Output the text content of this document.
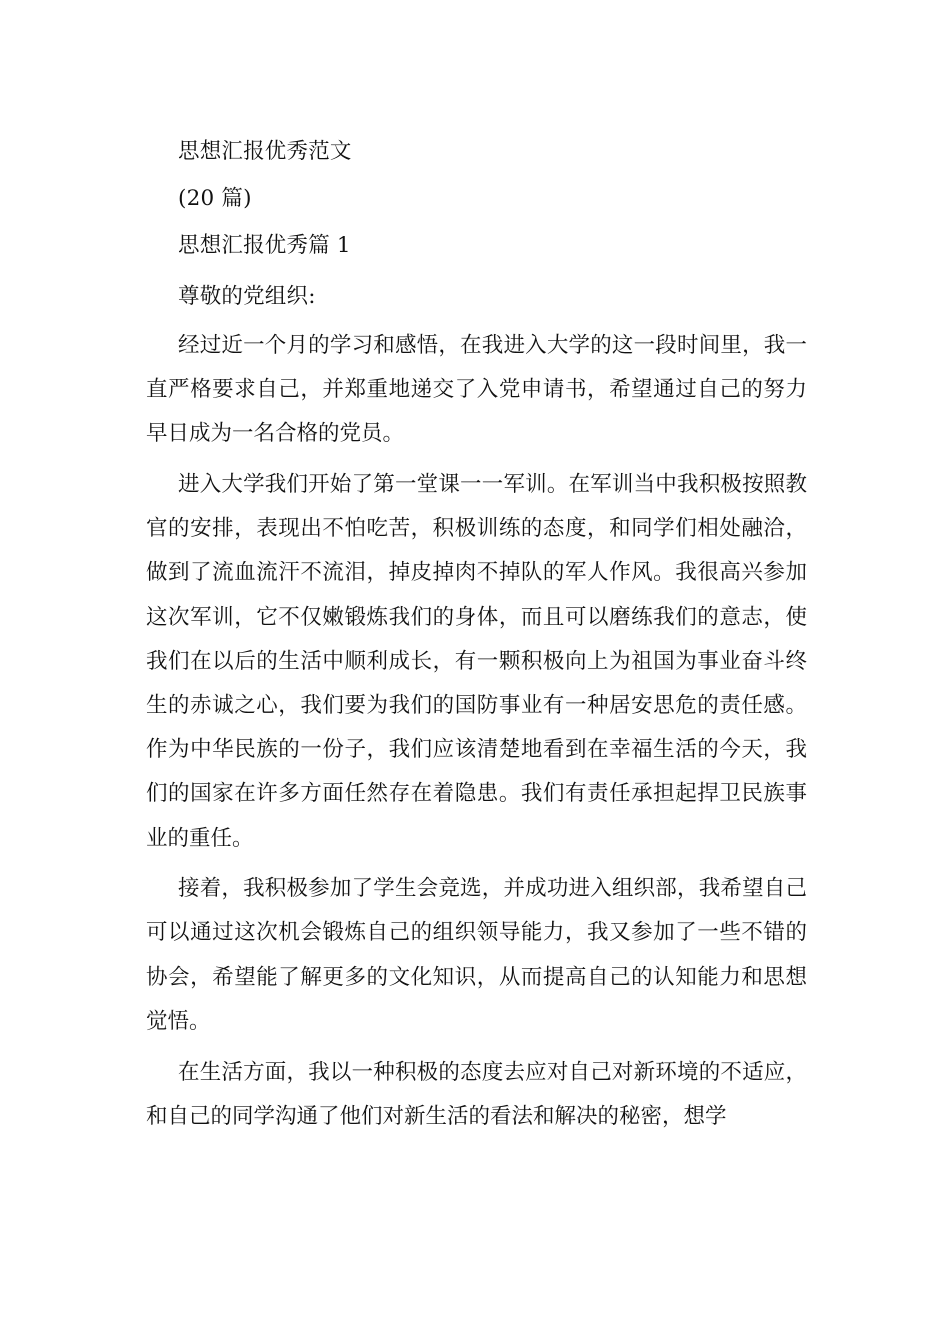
思想汇报优秀范文
(20 篇)
思想汇报优秀篇 1
尊敬的党组织:

经过近一个月的学习和感悟，在我进入大学的这一段时间里，我一直严格要求自己，并郑重地递交了入党申请书，希望通过自己的努力早日成为一名合格的党员。

进入大学我们开始了第一堂课一一军训。在军训当中我积极按照教官的安排，表现出不怕吃苦，积极训练的态度，和同学们相处融洽，做到了流血流汗不流泪，掉皮掉肉不掉队的军人作风。我很高兴参加这次军训，它不仅嫩锻炼我们的身体，而且可以磨练我们的意志，使我们在以后的生活中顺利成长，有一颗积极向上为祖国为事业奋斗终生的赤诚之心，我们要为我们的国防事业有一种居安思危的责任感。作为中华民族的一份子，我们应该清楚地看到在幸福生活的今天，我们的国家在许多方面任然存在着隐患。我们有责任承担起捍卫民族事业的重任。

接着，我积极参加了学生会竞选，并成功进入组织部，我希望自己可以通过这次机会锻炼自己的组织领导能力，我又参加了一些不错的协会，希望能了解更多的文化知识，从而提高自己的认知能力和思想觉悟。

在生活方面，我以一种积极的态度去应对自己对新环境的不适应，和自己的同学沟通了他们对新生活的看法和解决的秘密，想学
